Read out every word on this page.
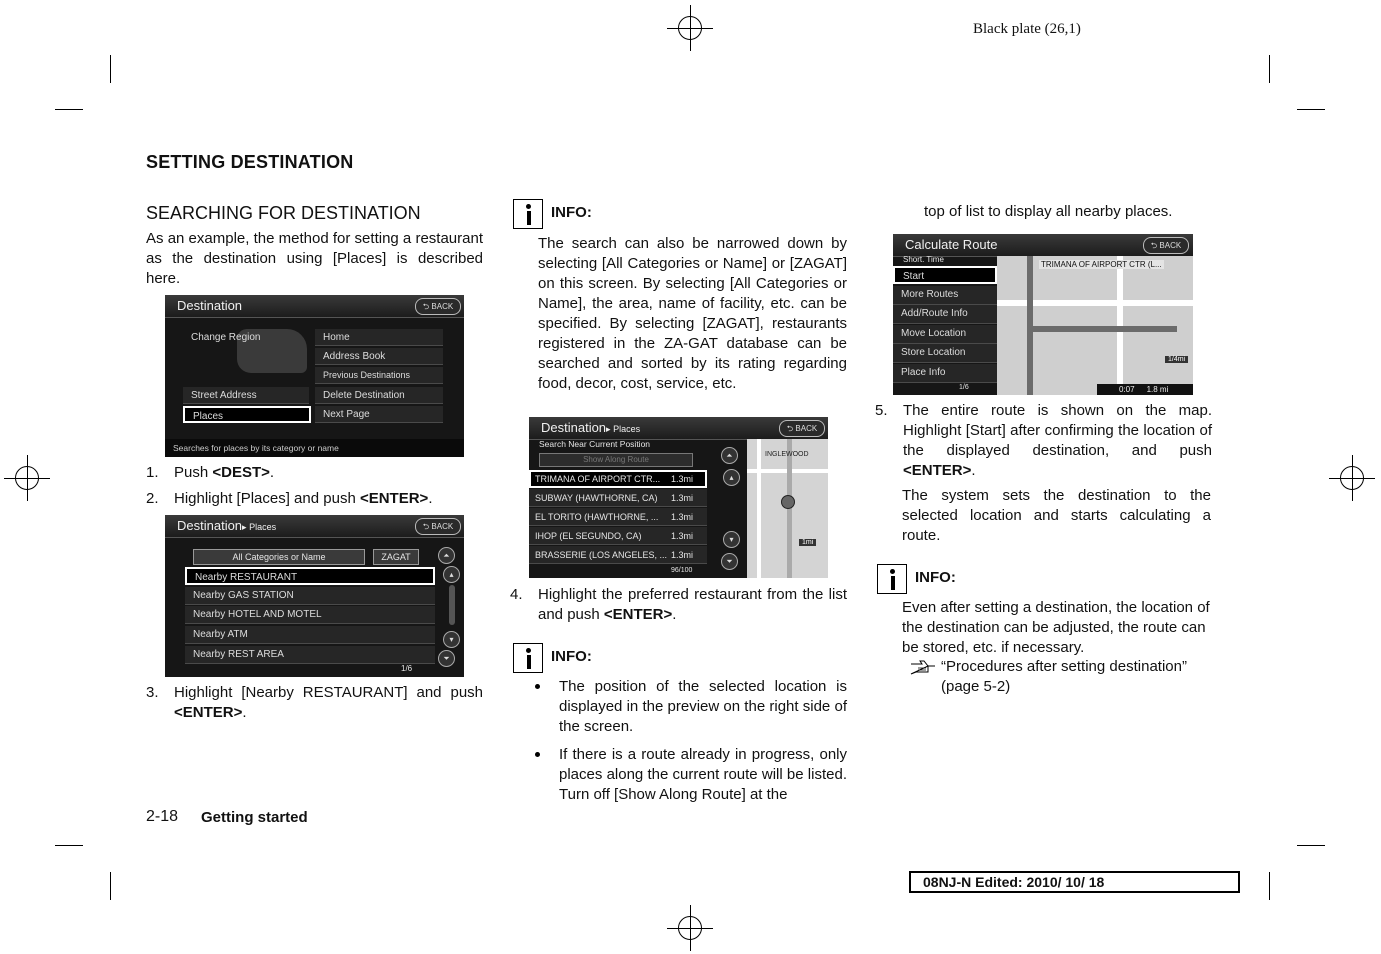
Black plate (26,1)
SETTING DESTINATION
SEARCHING FOR DESTINATION

As an example, the method for setting a restaurant as the destination using [Places] is described here.

Destination	⮌ BACK
Change Region
Street Address
Places
Home
Address Book
Previous Destinations
Delete Destination
Next Page
Searches for places by its category or name
1. Push <DEST>.
2. Highlight [Places] and push <ENTER>.
Destination▸ Places	⮌ BACK
All Categories or Name	ZAGAT
Nearby RESTAURANT
Nearby GAS STATION
Nearby HOTEL AND MOTEL
Nearby ATM
Nearby REST AREA
⏶
▴
▾
⏷
1/6
3. Highlight [Nearby RESTAURANT] and push <ENTER>.
2-18 Getting started
INFO:

The search can also be narrowed down by selecting [All Categories or Name] or [ZAGAT] on this screen. By selecting [All Categories or Name], the area, name of facility, etc. can be specified. By selecting [ZAGAT], restaurants registered in the ZA-GAT database can be searched and sorted by its rating regarding food, decor, cost, service, etc.

Destination▸ Places	⮌ BACK
Search Near Current Position
Show Along Route
INGLEWOOD
1mi
TRIMANA OF AIRPORT CTR... 1.3mi
SUBWAY (HAWTHORNE, CA) 1.3mi
EL TORITO (HAWTHORNE, ... 1.3mi
IHOP (EL SEGUNDO, CA)	1.3mi
BRASSERIE (LOS ANGELES, ... 1.3mi
⏶
▴
▾
⏷
96/100
4. Highlight the preferred restaurant from the list and push <ENTER>.
INFO:
The position of the selected location is displayed in the preview on the right side of the screen.
If there is a route already in progress, only places along the current route will be listed. Turn off [Show Along Route] at the
top of list to display all nearby places.
Calculate Route	⮌ BACK
TRIMANA OF AIRPORT CTR (L...
1/4mi
0:07 1.8 mi
Short. Time
Start
More Routes
Add/Route Info
Move Location
Store Location
Place Info
1/6
5. The entire route is shown on the map. Highlight [Start] after confirming the location of the displayed destination, and push <ENTER>.

The system sets the destination to the selected location and starts calculating a route.

INFO:

Even after setting a destination, the location of the destination can be adjusted, the route can be stored, etc. if necessary.

“Procedures after setting destination”
(page 5-2)
08NJ-N Edited: 2010/ 10/ 18
